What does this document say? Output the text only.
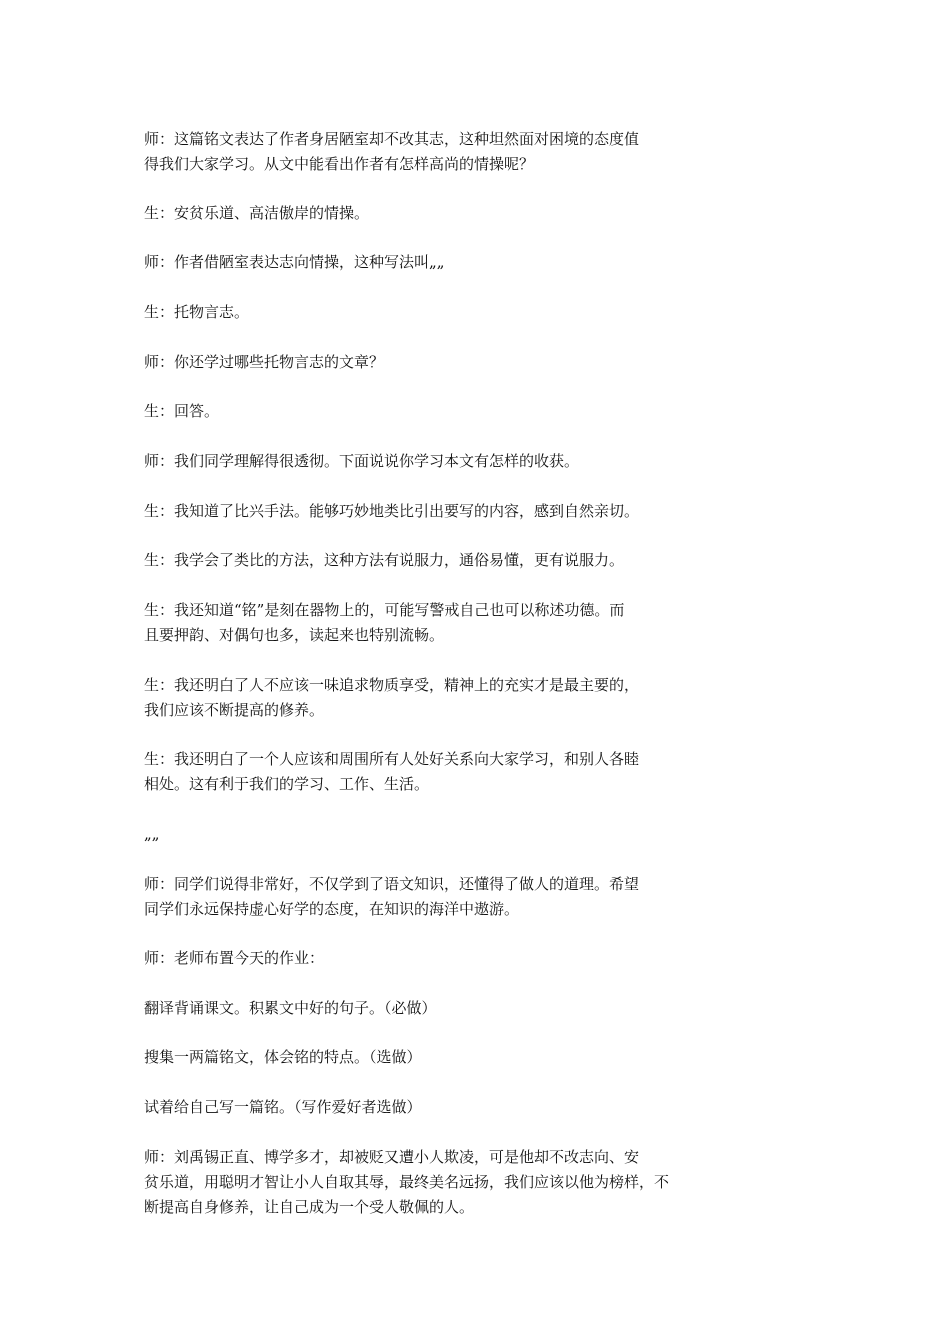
师：这篇铭文表达了作者身居陋室却不改其志，这种坦然面对困境的态度值
得我们大家学习。从文中能看出作者有怎样高尚的情操呢？

生：安贫乐道、高洁傲岸的情操。

师：作者借陋室表达志向情操，这种写法叫„„

生：托物言志。

师：你还学过哪些托物言志的文章？

生：回答。

师：我们同学理解得很透彻。下面说说你学习本文有怎样的收获。

生：我知道了比兴手法。能够巧妙地类比引出要写的内容，感到自然亲切。

生：我学会了类比的方法，这种方法有说服力，通俗易懂，更有说服力。

生：我还知道“铭”是刻在器物上的，可能写警戒自己也可以称述功德。而
且要押韵、对偶句也多，读起来也特别流畅。

生：我还明白了人不应该一味追求物质享受，精神上的充实才是最主要的，
我们应该不断提高的修养。

生：我还明白了一个人应该和周围所有人处好关系向大家学习，和别人各睦
相处。这有利于我们的学习、工作、生活。

„„

师：同学们说得非常好，不仅学到了语文知识，还懂得了做人的道理。希望
同学们永远保持虚心好学的态度，在知识的海洋中遨游。

师：老师布置今天的作业：

翻译背诵课文。积累文中好的句子。（必做）

搜集一两篇铭文，体会铭的特点。（选做）

试着给自己写一篇铭。（写作爱好者选做）

师：刘禹锡正直、博学多才，却被贬又遭小人欺凌，可是他却不改志向、安
贫乐道，用聪明才智让小人自取其辱，最终美名远扬，我们应该以他为榜样，不
断提高自身修养，让自己成为一个受人敬佩的人。
